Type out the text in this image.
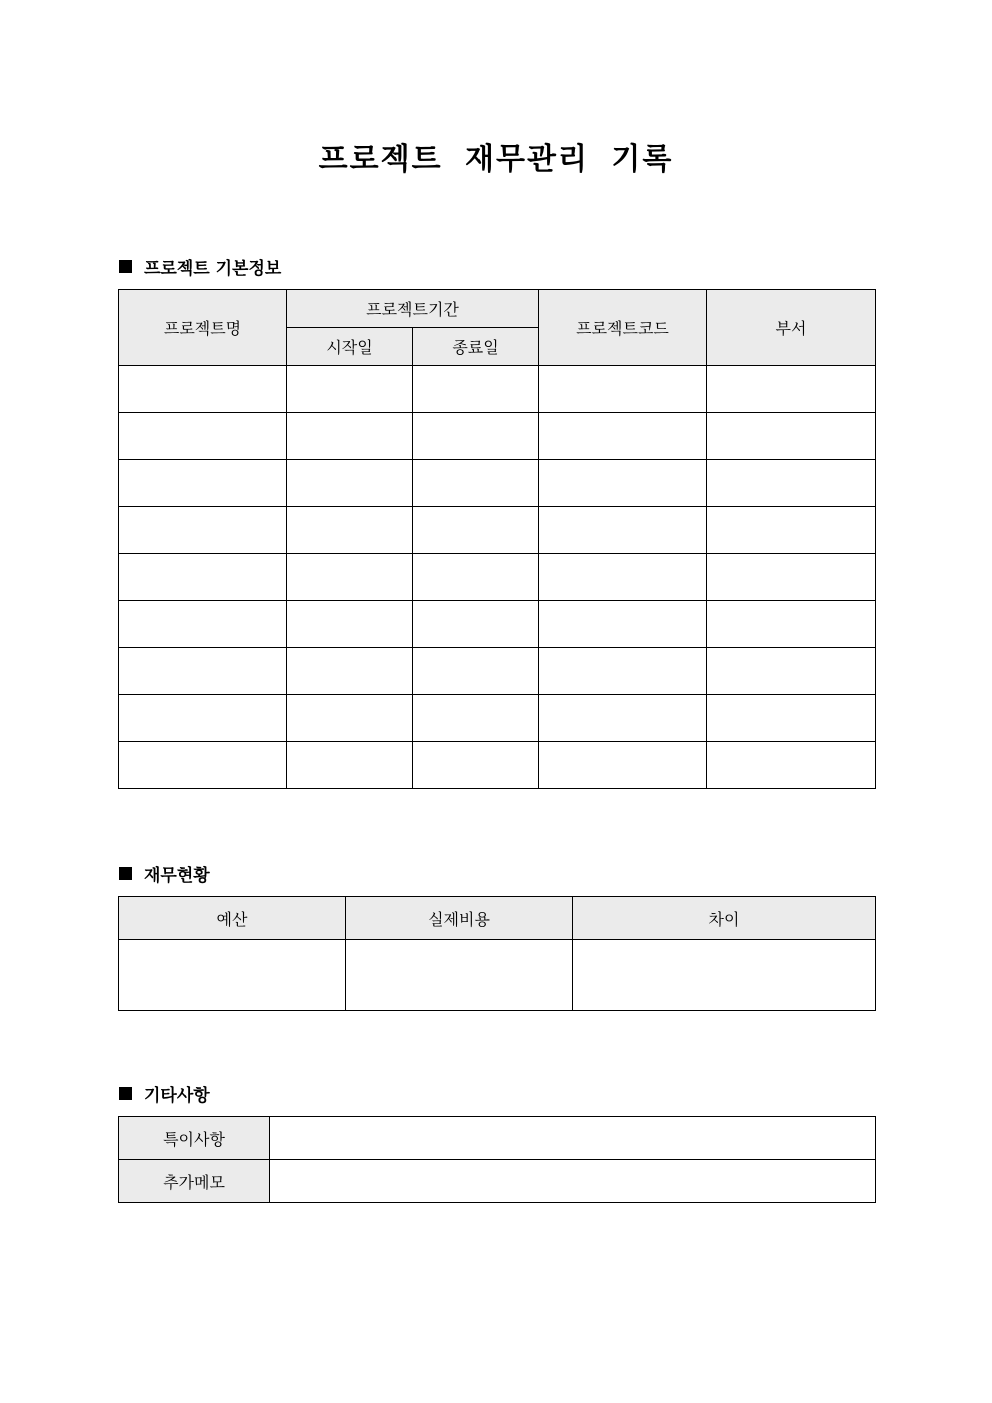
프로젝트 재무관리 기록
프로젝트 기본정보
프로젝트명	프로젝트기간		프로젝트코드	부서
	시작일	종료일		

재무현황
예산	실제비용	차이

기타사항
특이사항	
추가메모	
